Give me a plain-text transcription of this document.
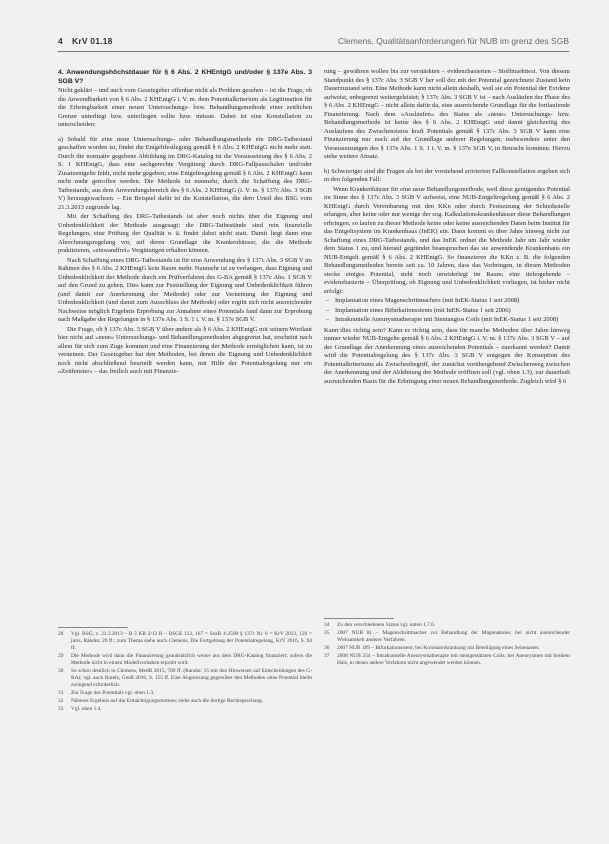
4 KrV 01.18	Clemens, Qualitätsanforderungen für NUB im grenz des SGB

4. Anwendungshöchstdauer für § 6 Abs. 2 KHEntgG und/oder § 137e Abs. 3 SGB V?

Nicht geklärt – und auch vom Gesetzgeber offenbar nicht als Problem gesehen – ist die Frage, ob die Anwendbarkeit von § 6 Abs. 2 KHEntgG i. V. m. dem Potentialkriterium als Legitimation für die Erbringbarkeit einer neuen Untersuchungs- bzw. Behandlungsmethode einer zeitlichen Grenze unterliegt bzw. unterliegen sollte bzw. müsste. Dabei ist eine Konstellation zu unterscheiden:

a) Sobald für eine neue Untersuchungs- oder Behandlungsmethode ein DRG-Tatbestand geschaffen worden ist, findet die Entgeltfestlegung gemäß § 6 Abs. 2 KHEntgG nicht mehr statt. Durch die normativ gegebene Abbildung im DRG-Katalog ist die Voraussetzung des § 6 Abs. 2 S. 1 KHEntgG, dass eine sachgerechte Vergütung durch DRG-Fallpauschalen und/oder Zusatzentgelte fehlt, nicht mehr gegeben; eine Entgeltregelung gemäß § 6 Abs. 2 KHEntgG kann nicht mehr getroffen werden. Die Methode ist nunmehr, durch die Schaffung des DRG-Tatbestands, aus dem Anwendungsbereich des § 6 Abs. 2 KHEntgG (i. V. m. § 137c Abs. 3 SGB V) herausgewachsen. – Ein Beispiel dafür ist die Konstellation, die dem Urteil des BSG vom 21.3.2013 zugrunde lag.

Mit der Schaffung des DRG-Tatbestands ist aber noch nichts über die Eignung und Unbedenklichkeit der Methode ausgesagt; die DRG-Tatbestände sind rein finanzielle Regelungen, eine Prüfung der Qualität o. ä. findet dabei nicht statt. Damit liegt dann eine Abrechnungsregelung vor, auf deren Grundlage die Krankenhäuser, die die Methode praktizieren, »einwandfrei« Vergütungen erhalten können.

Nach Schaffung eines DRG-Tatbestands ist für eine Anwendung des § 137c Abs. 3 SGB V im Rahmen des § 6 Abs. 2 KHEntgG kein Raum mehr. Nunmehr ist zu verlangen, dass Eignung und Unbedenklichkeit der Methode durch ein Prüfverfahren des G-BA gemäß § 137c Abs. 1 SGB V auf den Grund zu gehen. Dies kann zur Feststellung der Eignung und Unbedenklichkeit führen (und damit zur Anerkennung der Methode) oder zur Verneinung der Eignung und Unbedenklichkeit (und damit zum Ausschluss der Methode) oder ergibt sich nicht ausreichender Nachweise möglich Ergebnis Erprobung zur Annahme eines Potentials fand dann zur Erprobung nach Maßgabe der Regelungen in § 137e Abs. 1 S. 1 i. V. m. § 137e SGB V.

Die Frage, ob § 137c Abs. 3 SGB V über andere als § 6 Abs. 2 KHEntgG mit seinem Wortlaut hier nicht auf »neue« Untersuchungs- und Behandlungsmethoden abgegrenzt hat, erscheint nach allem für sich zum Zuge kommen und eine Finanzierung der Methode ermöglichen kann, ist zu verneinen. Der Gesetzgeber hat den Methoden, bei denen die Eignung und Unbedenklichkeit noch nicht abschließend beurteilt werden kann, mit Hilfe der Potentialregelung nur ein »Zeitfenster« – das freilich auch mit Finanzie-

rung – gewähren wollen bis zur verstärkten – evidenzbasierten – Stoffmarkttest. Von diesem Standpunkt des § 137c Abs. 3 SGB V her soll der mit der Potential gezeichnete Zustand kein Dauerzustand sein. Eine Methode kann nicht allein deshalb, weil sie ein Potential der Evidenz aufweist, unbegrenzt weitergeleistet; § 137c Abs. 3 SGB V ist – nach Ausläufen der Phase des § 6 Abs. 2 KHEntgG – nicht allein dafür da, eine ausreichende Grundlage für die fortlaufende Finanzierung. Nach dem »Auslaufen« des Status als »neue« Untersuchungs- bzw. Behandlungsmethode ist keine des § 6 Abs. 2 KHEntgG und damit gleichzeitig des Auslaufens des Zwischenstatus kraft Potentials gemäß § 137c Abs. 3 SGB V kann eine Finanzierung nur noch auf der Grundlage anderer Regelungen, insbesondere unter den Voraussetzungen des § 137e Abs. 1 S. 1 i. V. m. § 137e SGB V, in Betracht kommen. Hierzu siehe weitere Ansatz.

b) Schwieriger sind die Fragen als bei der vorstehend erörterten Fallkonstellation ergeben sich in den folgenden Fall:

Wenn Krankenhäuser für eine neue Behandlungsmethode, weil diese genügendes Potential im Sinne des § 137c Abs. 3 SGB V aufweist, eine NUB-Entgeltregelung gemäß § 6 Abs. 2 KHEntgG durch Vereinbarung mit den KKn oder durch Festsetzung der Schiedsstelle erlangen, aber keine oder nur wenige der sog. Kalkulationskrankenhäuser diese Behandlungen erbringen, so laufen zu dieser Methode keine oder keine ausreichenden Daten beim Institut für das Entgeltsystem im Krankenhaus (InEK) ein. Dann kommt es über Jahre hinweg nicht zur Schaffung eines DRG-Tatbestands, und das InEK ordnet die Methode Jahr um Jahr wieder dem Status 1 zu, und hierauf gegründet beanspruchen das sie anwendende Krankenhaus ein NUB-Entgelt gemäß § 6 Abs. 2 KHEntgG. So finanzieren die KKn z. B. die folgenden Behandlungsmethoden bereits seit ca. 10 Jahren, dass das Vorbringen, in diesen Methoden stecke einiges Potential, steht noch unwiderlegt im Raum; eine tiefergehende – evidenzbasierte – Überprüfung, ob Eignung und Unbedenklichkeit vorliegen, ist bisher nicht erfolgt:

– Implantation eines Magenschrittmachers (mit InEK-Status 1 seit 2008)
– Implantation eines Bifurkationsstents (mit InEK-Status 1 seit 2006)
– Intrakranielle Aneurysmatherapie mit Stentangios Coils (mit InEK-Status 1 seit 2008)

Kann dies richtig sein? Kann es richtig sein, dass für manche Methoden über Jahre hinweg immer wieder NUB-Entgelte gemäß § 6 Abs. 2 KHEntgG i. V. m. § 137c Abs. 3 SGB V – auf der Grundlage der Anerkennung eines ausreichenden Potentials – zuerkannt werden? Damit wird die Potentialregelung des § 137c Abs. 3 SGB V entgegen der Konzeption des Potentialkriteriums als Zwischenbegriff, der zunächst vorübergehend Zwischenweg zwischen der Anerkennung und der Ablehnung der Methode eröffnen soll (vgl. oben 1.3), zur dauerhaft ausreichenden Basis für die Erbringung einer neuen Behandlungsmethode. Zugleich wird § 6

28 Vgl. BSG, v. 21.3.2013 – B 3 KR 2/12 R – BSGE 113, 167 = SozR 4-2500 § 137c Nr. 6 = KrV 2013, 129 = juris, Randnr. 20 ff.; zum Thema siehe auch Clemens, Die Fortgeltung der Potentialregelung, KrV 2016, S. 94 ff.
29 Die Methode wird dann die Finanzierung grundsätzlich weiter aus dem DRG-Katalog finanziert; sofern die Methode nicht in einem Modellvorhaben erprobt wird.
30 So schon deutlich in Clemens, MedR 2015, 789 ff. (Randnr. 15 mit den Hinweisen auf Entscheidungen des G-BA); vgl. auch Roters, GesR 2016, S. 155 ff. Eine Abgrenzung gegenüber den Methoden ohne Potential bleibt zwingend erforderlich.
31 Zur Frage des Potentials vgl. oben 1.3.
32 Näheres Ergebnis auf die Ermächtigungsnormen; siehe auch die dortige Rechtsprechung.
33 Vgl. oben 1.4.
34 Zu den verschiedenen Status vgl. unten 1.7.6.
35 2007 NUB 81 – Magenschrittmacher zur Behandlung der Magenatonie; bei nicht ausreichender Wirksamkeit anderer Verfahren.
36 2007 NUB 189 – Bifurkationsstent; bei Koronarerkrankung mit Beteiligung eines Seitenastes.
37 2008 NUB 254 – Intrakranielle Aneurysmatherapie mit stentgestützten Coils; bei Aneurysmen mit breitem Hals, in denen andere Verfahren nicht angewendet werden können.
